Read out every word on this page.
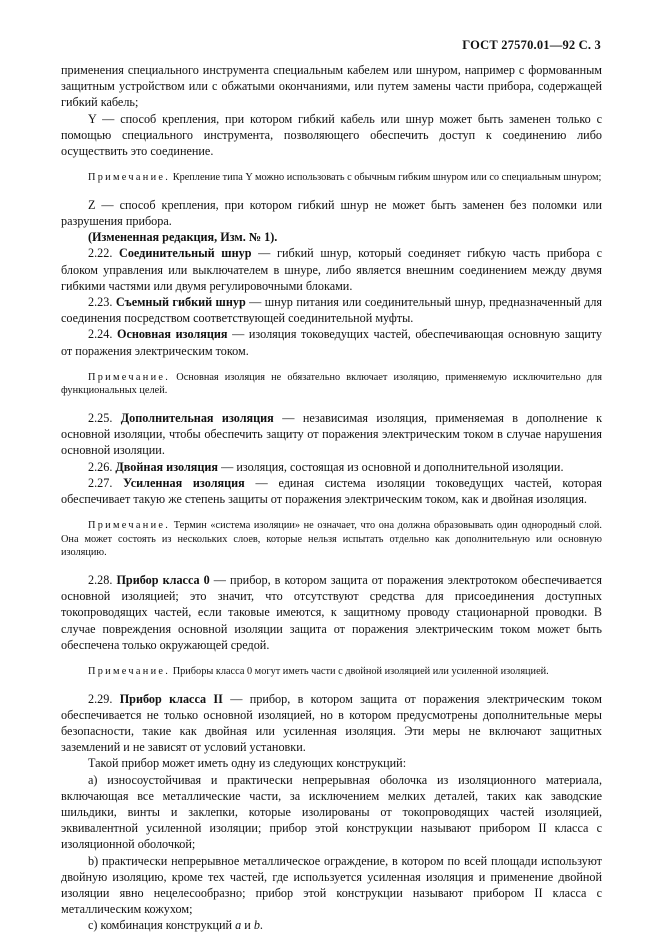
ГОСТ 27570.01—92 С. 3

применения специального инструмента специальным кабелем или шнуром, например с формованным защитным устройством или с обжатыми окончаниями, или путем замены части прибора, содержащей гибкий кабель;

Y — способ крепления, при котором гибкий кабель или шнур может быть заменен только с помощью специального инструмента, позволяющего обеспечить доступ к соединению либо осуществить это соединение.

Примечание. Крепление типа Y можно использовать с обычным гибким шнуром или со специальным шнуром;

Z — способ крепления, при котором гибкий шнур не может быть заменен без поломки или разрушения прибора.

(Измененная редакция, Изм. № 1).

2.22. Соединительный шнур — гибкий шнур, который соединяет гибкую часть прибора с блоком управления или выключателем в шнуре, либо является внешним соединением между двумя гибкими частями или двумя регулировочными блоками.

2.23. Съемный гибкий шнур — шнур питания или соединительный шнур, предназначенный для соединения посредством соответствующей соединительной муфты.

2.24. Основная изоляция — изоляция токоведущих частей, обеспечивающая основную защиту от поражения электрическим током.

Примечание. Основная изоляция не обязательно включает изоляцию, применяемую исключительно для функциональных целей.

2.25. Дополнительная изоляция — независимая изоляция, применяемая в дополнение к основной изоляции, чтобы обеспечить защиту от поражения электрическим током в случае нарушения основной изоляции.

2.26. Двойная изоляция — изоляция, состоящая из основной и дополнительной изоляции.

2.27. Усиленная изоляция — единая система изоляции токоведущих частей, которая обеспечивает такую же степень защиты от поражения электрическим током, как и двойная изоляция.

Примечание. Термин «система изоляции» не означает, что она должна образовывать один однородный слой. Она может состоять из нескольких слоев, которые нельзя испытать отдельно как дополнительную или основную изоляцию.

2.28. Прибор класса 0 — прибор, в котором защита от поражения электротоком обеспечивается основной изоляцией; это значит, что отсутствуют средства для присоединения доступных токопроводящих частей, если таковые имеются, к защитному проводу стационарной проводки. В случае повреждения основной изоляции защита от поражения электрическим током может быть обеспечена только окружающей средой.

Примечание. Приборы класса 0 могут иметь части с двойной изоляцией или усиленной изоляцией.

2.29. Прибор класса II — прибор, в котором защита от поражения электрическим током обеспечивается не только основной изоляцией, но в котором предусмотрены дополнительные меры безопасности, такие как двойная или усиленная изоляция. Эти меры не включают защитных заземлений и не зависят от условий установки.

Такой прибор может иметь одну из следующих конструкций:

a) износоустойчивая и практически непрерывная оболочка из изоляционного материала, включающая все металлические части, за исключением мелких деталей, таких как заводские шильдики, винты и заклепки, которые изолированы от токопроводящих частей изоляцией, эквивалентной усиленной изоляции; прибор этой конструкции называют прибором II класса с изоляционной оболочкой;

b) практически непрерывное металлическое ограждение, в котором по всей площади используют двойную изоляцию, кроме тех частей, где используется усиленная изоляция и применение двойной изоляции явно нецелесообразно; прибор этой конструкции называют прибором II класса с металлическим кожухом;

c) комбинация конструкций a и b.
